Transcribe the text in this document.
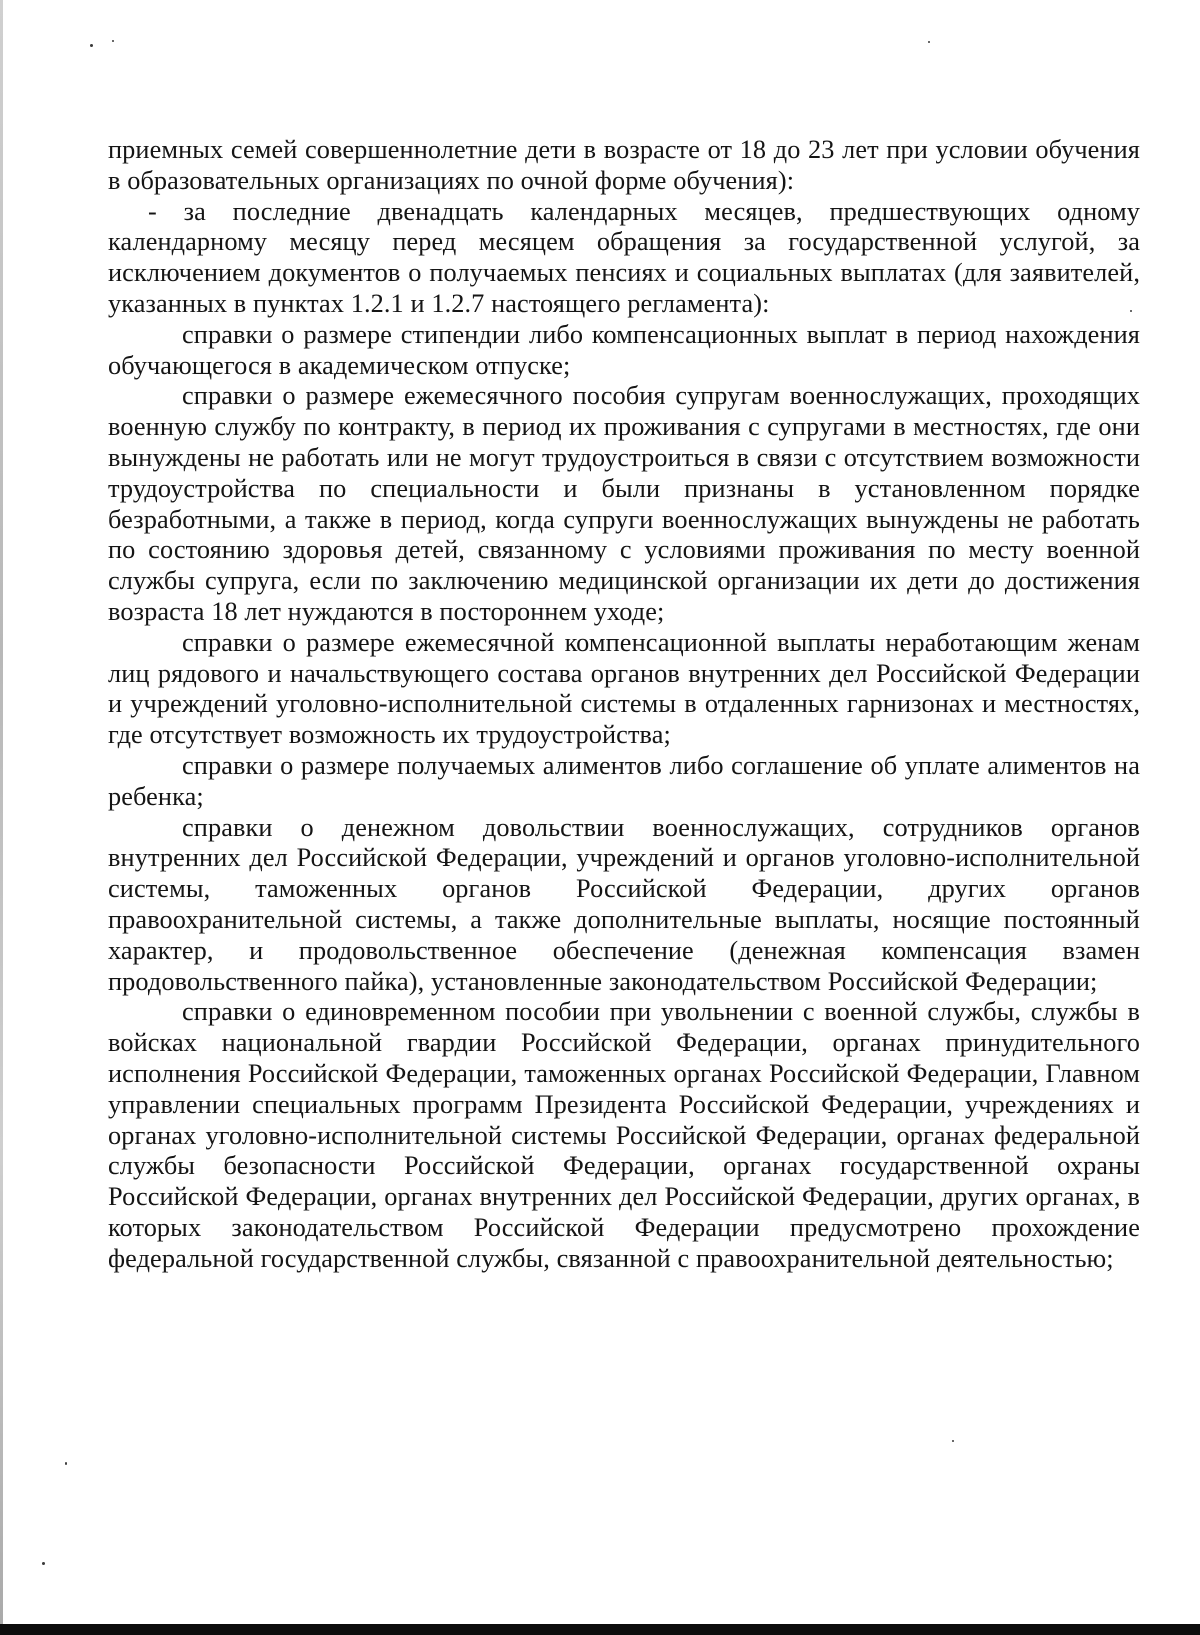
приемных семей совершеннолетние дети в возрасте от 18 до 23 лет при условии обучения в образовательных организациях по очной форме обучения):

- за последние двенадцать календарных месяцев, предшествующих одному календарному месяцу перед месяцем обращения за государственной услугой, за исключением документов о получаемых пенсиях и социальных выплатах (для заявителей, указанных в пунктах 1.2.1 и 1.2.7 настоящего регламента):

справки о размере стипендии либо компенсационных выплат в период нахождения обучающегося в академическом отпуске;

справки о размере ежемесячного пособия супругам военнослужащих, проходящих военную службу по контракту, в период их проживания с супругами в местностях, где они вынуждены не работать или не могут трудоустроиться в связи с отсутствием возможности трудоустройства по специальности и были признаны в установленном порядке безработными, а также в период, когда супруги военнослужащих вынуждены не работать по состоянию здоровья детей, связанному с условиями проживания по месту военной службы супруга, если по заключению медицинской организации их дети до достижения возраста 18 лет нуждаются в постороннем уходе;

справки о размере ежемесячной компенсационной выплаты неработающим женам лиц рядового и начальствующего состава органов внутренних дел Российской Федерации и учреждений уголовно-исполнительной системы в отдаленных гарнизонах и местностях, где отсутствует возможность их трудоустройства;

справки о размере получаемых алиментов либо соглашение об уплате алиментов на ребенка;

справки о денежном довольствии военнослужащих, сотрудников органов внутренних дел Российской Федерации, учреждений и органов уголовно-исполнительной системы, таможенных органов Российской Федерации, других органов правоохранительной системы, а также дополнительные выплаты, носящие постоянный характер, и продовольственное обеспечение (денежная компенсация взамен продовольственного пайка), установленные законодательством Российской Федерации;

справки о единовременном пособии при увольнении с военной службы, службы в войсках национальной гвардии Российской Федерации, органах принудительного исполнения Российской Федерации, таможенных органах Российской Федерации, Главном управлении специальных программ Президента Российской Федерации, учреждениях и органах уголовно-исполнительной системы Российской Федерации, органах федеральной службы безопасности Российской Федерации, органах государственной охраны Российской Федерации, органах внутренних дел Российской Федерации, других органах, в которых законодательством Российской Федерации предусмотрено прохождение федеральной государственной службы, связанной с правоохранительной деятельностью;
